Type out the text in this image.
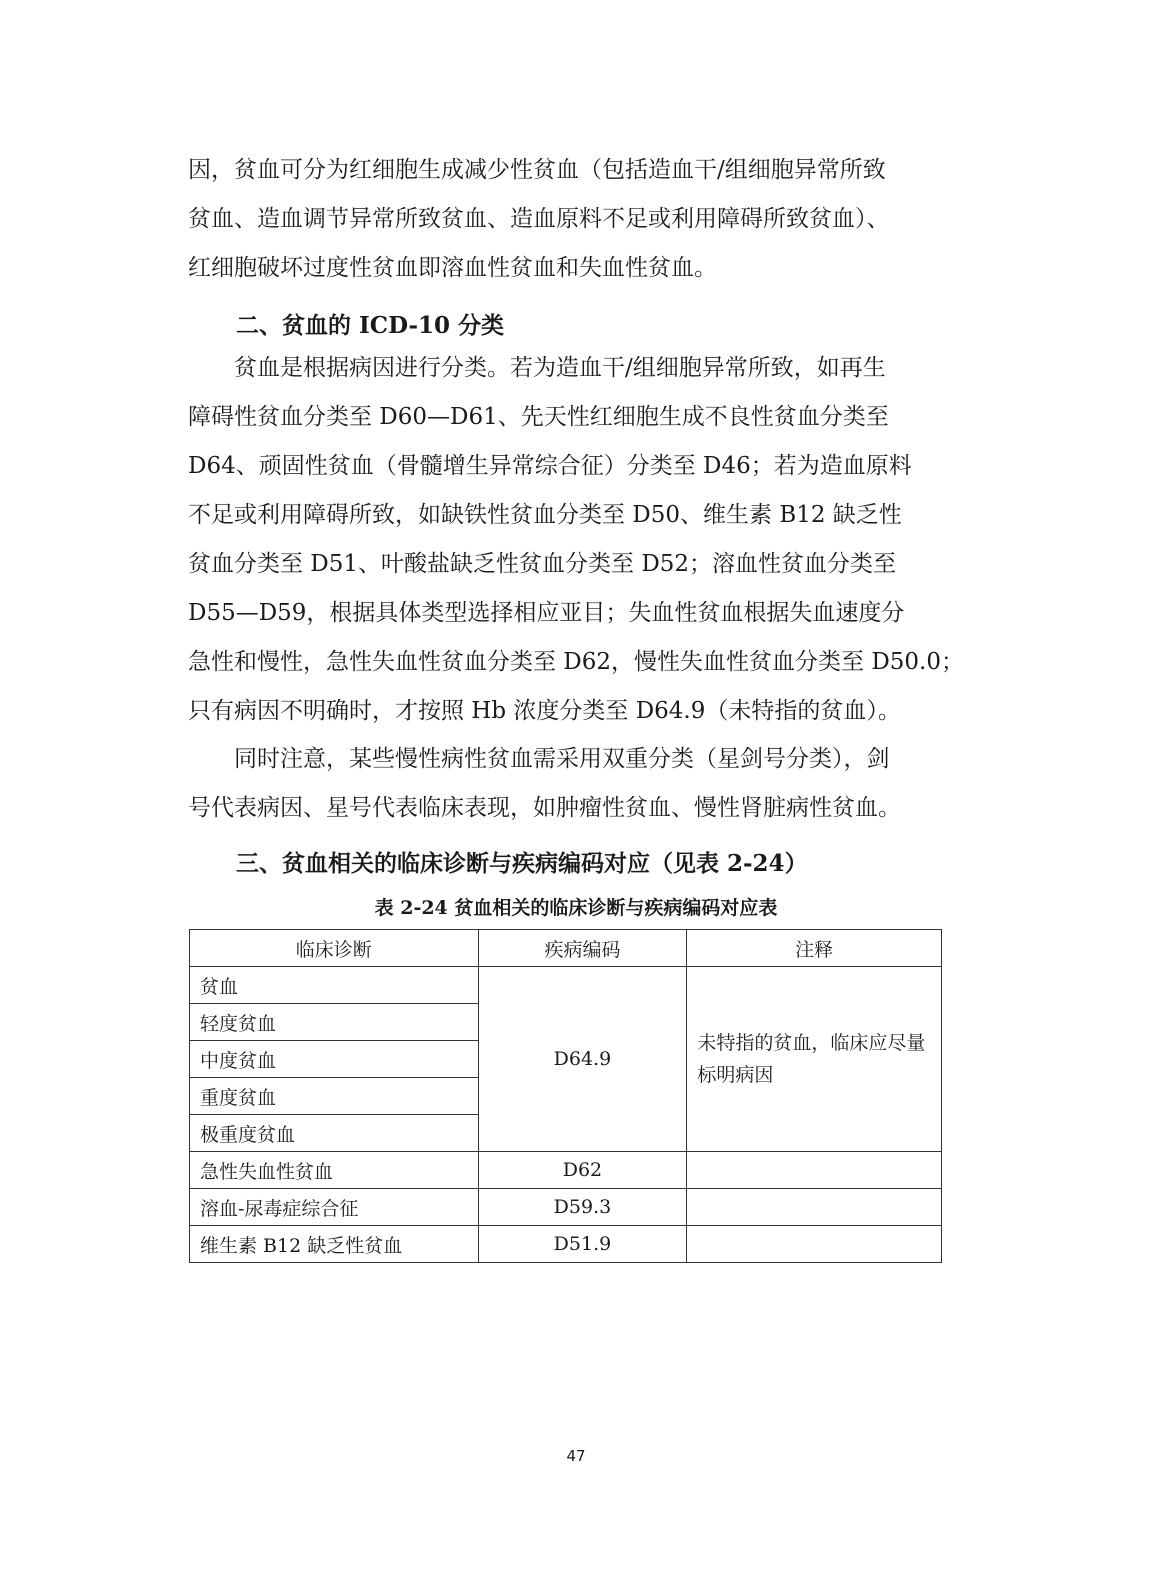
因，贫血可分为红细胞生成减少性贫血（包括造血干/组细胞异常所致
贫血、造血调节异常所致贫血、造血原料不足或利用障碍所致贫血）、
红细胞破坏过度性贫血即溶血性贫血和失血性贫血。
二、贫血的 ICD-10 分类
　　贫血是根据病因进行分类。若为造血干/组细胞异常所致，如再生
障碍性贫血分类至 D60—D61、先天性红细胞生成不良性贫血分类至
D64、顽固性贫血（骨髓增生异常综合征）分类至 D46；若为造血原料
不足或利用障碍所致，如缺铁性贫血分类至 D50、维生素 B12 缺乏性
贫血分类至 D51、叶酸盐缺乏性贫血分类至 D52；溶血性贫血分类至
D55—D59，根据具体类型选择相应亚目；失血性贫血根据失血速度分
急性和慢性，急性失血性贫血分类至 D62，慢性失血性贫血分类至 D50.0；
只有病因不明确时，才按照 Hb 浓度分类至 D64.9（未特指的贫血）。
　　同时注意，某些慢性病性贫血需采用双重分类（星剑号分类），剑
号代表病因、星号代表临床表现，如肿瘤性贫血、慢性肾脏病性贫血。
三、贫血相关的临床诊断与疾病编码对应（见表 2-24）
表 2-24 贫血相关的临床诊断与疾病编码对应表
临床诊断	疾病编码	注释
贫血	D64.9	未特指的贫血，临床应尽量标明病因
轻度贫血		
中度贫血		
重度贫血		
极重度贫血		
急性失血性贫血	D62	
溶血-尿毒症综合征	D59.3	
维生素 B12 缺乏性贫血	D51.9	
47
